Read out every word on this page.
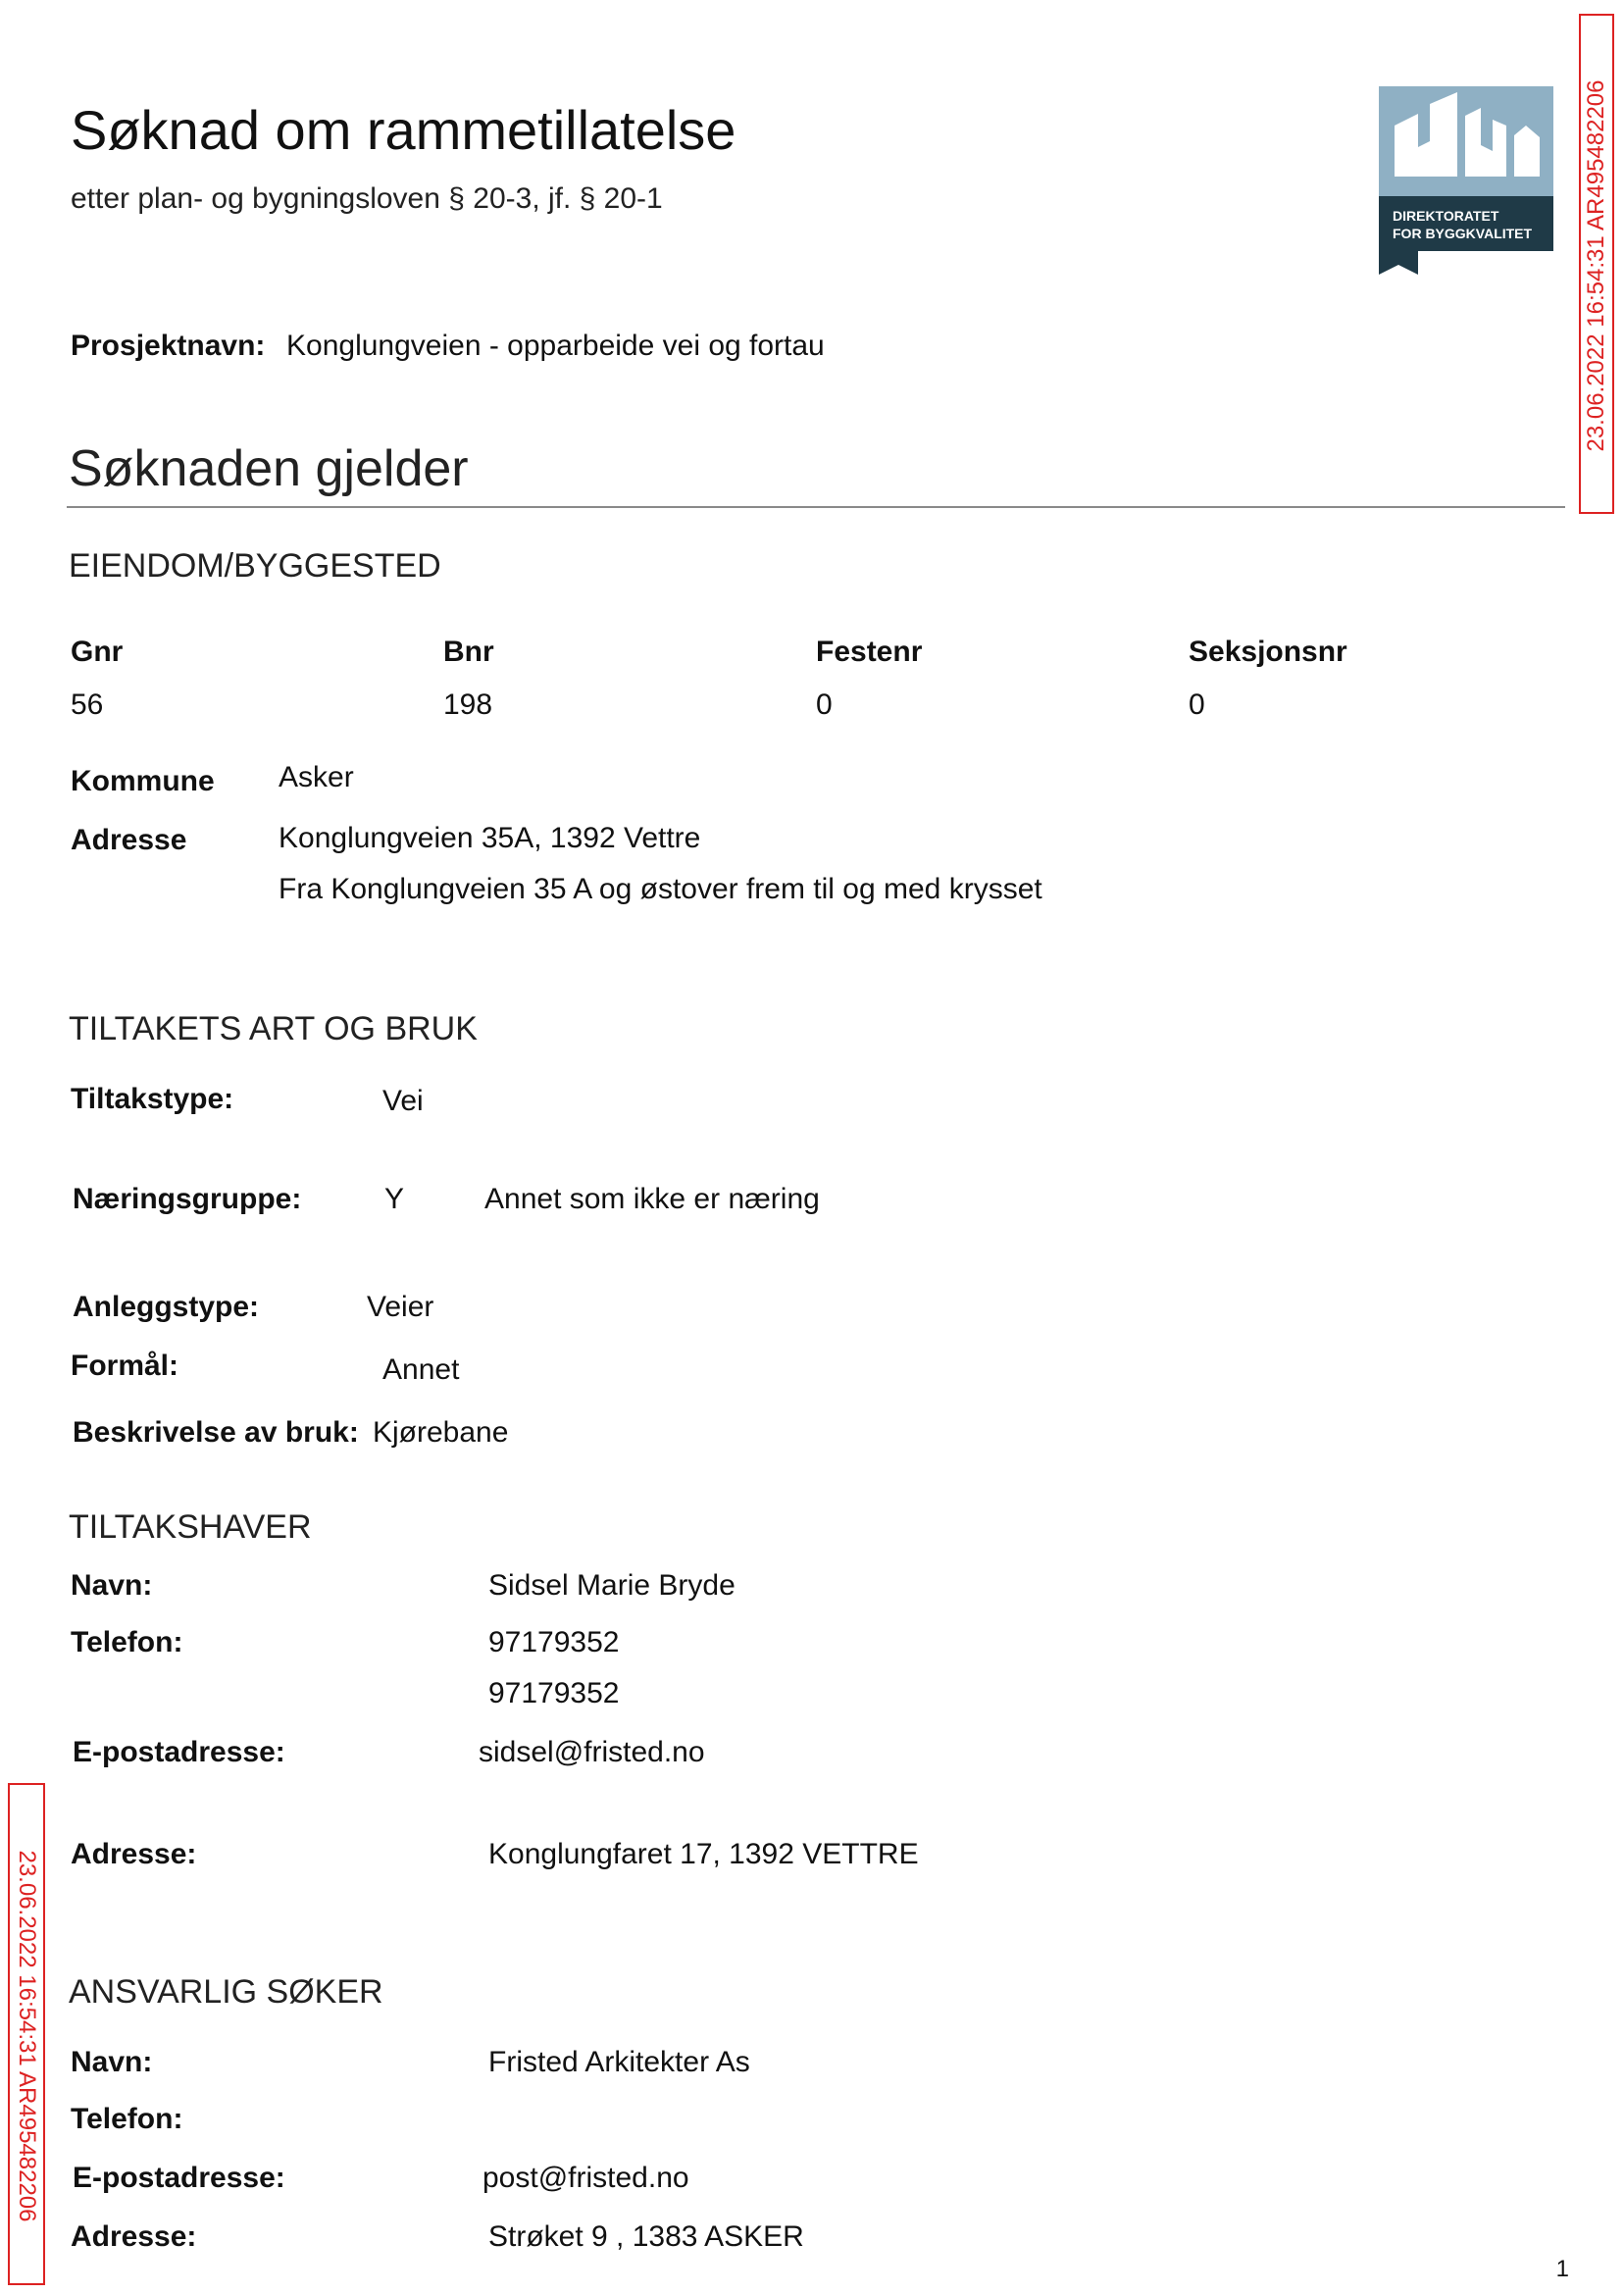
Søknad om rammetillatelse
etter plan- og bygningsloven § 20-3, jf. § 20-1
DIREKTORATET
FOR BYGGKVALITET 23.06.2022 16:54:31 AR495482206
23.06.2022 16:54:31 AR495482206
Prosjektnavn: Konglungveien - opparbeide vei og fortau
Søknaden gjelder
EIENDOM/BYGGESTED
Gnr	Bnr	Festenr	Seksjonsnr
56	198	0	0
Kommune Asker
Adresse	Konglungveien 35A, 1392 Vettre
Fra Konglungveien 35 A og østover frem til og med krysset
TILTAKETS ART OG BRUK
Tiltakstype:	Vei
Næringsgruppe:	Y	Annet som ikke er næring
Anleggstype:	Veier
Formål:	Annet
Beskrivelse av bruk: Kjørebane
TILTAKSHAVER
Navn:	Sidsel Marie Bryde
Telefon:	97179352
97179352
E-postadresse:	sidsel@fristed.no
Adresse:	Konglungfaret 17, 1392 VETTRE
ANSVARLIG SØKER
Navn:	Fristed Arkitekter As
Telefon:
E-postadresse:	post@fristed.no
Adresse:	Strøket 9 , 1383 ASKER
1
